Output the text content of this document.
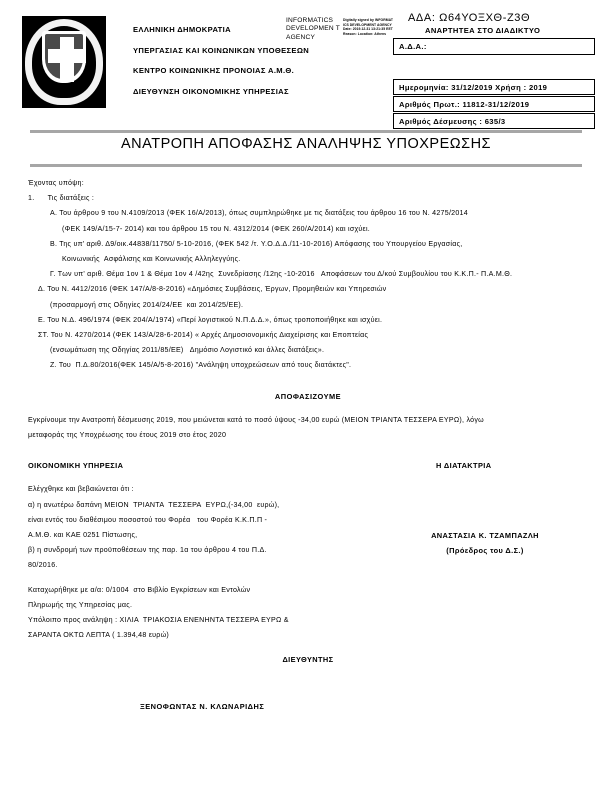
ΕΛΛΗΝΙΚΗ ΔΗΜΟΚΡΑΤΙΑ
ΥΠΕΡΓΑΣΙΑΣ ΚΑΙ ΚΟΙΝΩΝΙΚΩΝ ΥΠΟΘΕΣΕΩΝ
ΚΕΝΤΡΟ ΚΟΙΝΩΝΙΚΗΣ ΠΡΟΝΟΙΑΣ Α.Μ.Θ.
ΔΙΕΥΘΥΝΣΗ ΟΙΚΟΝΟΜΙΚΗΣ ΥΠΗΡΕΣΙΑΣ
INFORMATICS DEVELOPMEN T AGENCY
Digitally signed by INFORMATICS DEVELOPMENT AGENCY Date: 2019.12.31 13:21:35 EET Reason: Location: Athens
ΑΔΑ: Ω64ΥΟΞΧΘ-Ζ3Θ
ΑΝΑΡΤΗΤΕΑ ΣΤΟ ΔΙΑΔΙΚΤΥΟ
Α.Δ.Α.:
Ημερομηνία: 31/12/2019 Χρήση : 2019
Αριθμός Πρωτ.: 11812-31/12/2019
Αριθμός Δέσμευσης : 635/3
ΑΝΑΤΡΟΠΗ ΑΠΟΦΑΣΗΣ ΑΝΑΛΗΨΗΣ ΥΠΟΧΡΕΩΣΗΣ
Έχοντας υπόψη:
1.      Τις διατάξεις :
Α. Του άρθρου 9 του Ν.4109/2013 (ΦΕΚ 16/Α/2013), όπως συμπληρώθηκε με τις διατάξεις του άρθρου 16 του Ν. 4275/2014
(ΦΕΚ 149/Α/15-7- 2014) και του άρθρου 15 του Ν. 4312/2014 (ΦΕΚ 260/Α/2014) και ισχύει.
Β. Της υπ' αριθ. Δ9/οικ.44838/11750/ 5-10-2016, (ΦΕΚ 542 /τ. Υ.Ο.Δ.Δ./11-10-2016) Απόφασης του Υπουργείου Εργασίας,
Κοινωνικής  Ασφάλισης και Κοινωνικής Αλληλεγγύης.
Γ. Των υπ' αριθ. Θέμα 1ον 1 & Θέμα 1ον 4 /42ης  Συνεδρίασης /12ης -10-2016   Αποφάσεων του Δ/κού Συμβουλίου του Κ.Κ.Π.- Π.Α.Μ.Θ.
Δ. Του Ν. 4412/2016 (ΦΕΚ 147/Α/8-8-2016) «Δημόσιες Συμβάσεις, Έργων, Προμηθειών και Υπηρεσιών
(προσαρμογή στις Οδηγίες 2014/24/ΕΕ  και 2014/25/ΕΕ).
Ε. Του Ν.Δ. 496/1974 (ΦΕΚ 204/Α/1974) «Περί λογιστικού Ν.Π.Δ.Δ.», όπως τροποποιήθηκε και ισχύει.
ΣΤ. Του Ν. 4270/2014 (ΦΕΚ 143/Α/28-6-2014) « Αρχές Δημοσιονομικής Διαχείρισης και Εποπτείας
(ενσωμάτωση της Οδηγίας 2011/85/ΕΕ)   Δημόσιο Λογιστικό και άλλες διατάξεις».
Ζ. Του  Π.Δ.80/2016(ΦΕΚ 145/Α/5-8-2016) "Ανάληψη υποχρεώσεων από τους διατάκτες".
ΑΠΟΦΑΣΙΖΟΥΜΕ
Εγκρίνουμε την Ανατροπή δέσμευσης 2019, που μειώνεται κατά το ποσό ύψους -34,00 ευρώ (ΜΕΙΟΝ ΤΡΙΑΝΤΑ ΤΕΣΣΕΡΑ ΕΥΡΩ), λόγω
μεταφοράς της Υποχρέωσης του έτους 2019 στο έτος 2020
ΟΙΚΟΝΟΜΙΚΗ ΥΠΗΡΕΣΙΑ	Η ΔΙΑΤΑΚΤΡΙΑ
Ελέγχθηκε και βεβαιώνεται ότι :
α) η ανωτέρω δαπάνη ΜΕΙΟΝ  ΤΡΙΑΝΤΑ  ΤΕΣΣΕΡΑ  ΕΥΡΩ,(-34,00  ευρώ),
είναι εντός του διαθέσιμου ποσοστού του Φορέα   του Φορέα Κ.Κ.Π.Π -
Α.Μ.Θ. και ΚΑΕ 0251 Πίστωσης,	ΑΝΑΣΤΑΣΙΑ Κ. ΤΖΑΜΠΑΖΛΗ
β) η συνδρομή των προϋποθέσεων της παρ. 1α του άρθρου 4 του Π.Δ.	(Πρόεδρος του Δ.Σ.)
80/2016.
Καταχωρήθηκε με α/α: 0/1004  στο Βιβλίο Εγκρίσεων και Εντολών
Πληρωμής της Υπηρεσίας μας.
Υπόλοιπο προς ανάληψη : ΧΙΛΙΑ  ΤΡΙΑΚΟΣΙΑ ΕΝΕΝΗΝΤΑ ΤΕΣΣΕΡΑ ΕΥΡΩ &
ΣΑΡΑΝΤΑ ΟΚΤΩ ΛΕΠΤΑ ( 1.394,48 ευρώ)
ΔΙΕΥΘΥΝΤΗΣ
ΞΕΝΟΦΩΝΤΑΣ Ν. ΚΛΩΝΑΡΙΔΗΣ
